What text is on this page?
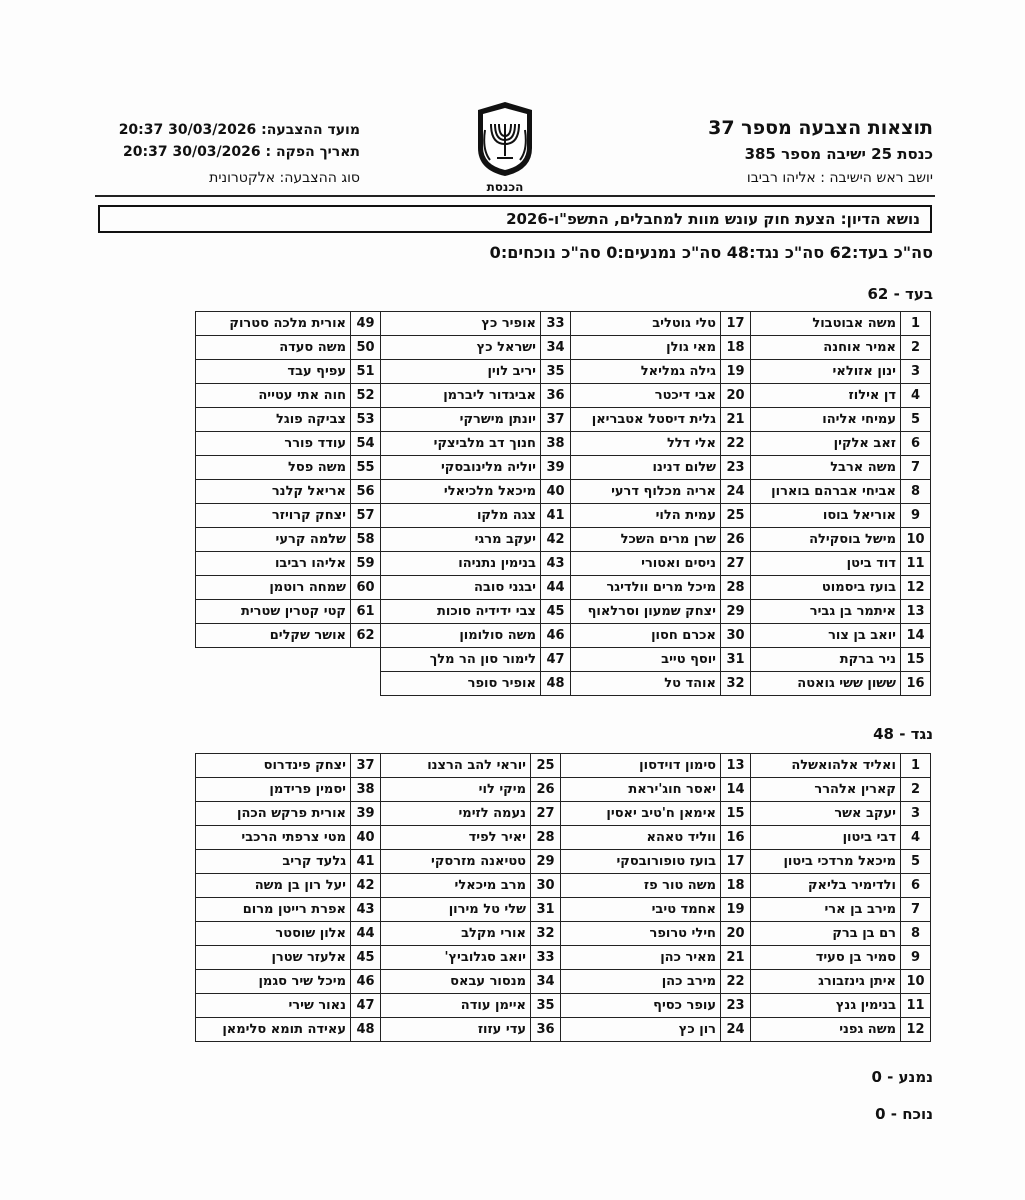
תוצאות הצבעה מספר 37
כנסת 25 ישיבה מספר 385
יושב ראש הישיבה : אליהו רביבו
הכנסת
מועד ההצבעה: 30/03/2026 20:37
תאריך הפקה : 30/03/2026 20:37
סוג ההצבעה: אלקטרונית
נושא הדיון: הצעת חוק עונש מוות למחבלים, התשפ"ו-2026
סה"כ בעד:62 סה"כ נגד:48 סה"כ נמנעים:0 סה"כ נוכחים:0
בעד - 62
1	משה אבוטבול	17	טלי גוטליב	33	אופיר כץ	49	אורית מלכה סטרוק
2	אמיר אוחנה	18	מאי גולן	34	ישראל כץ	50	משה סעדה
3	ינון אזולאי	19	גילה גמליאל	35	יריב לוין	51	עפיף עבד
4	דן אילוז	20	אבי דיכטר	36	אביגדור ליברמן	52	חוה אתי עטייה
5	עמיחי אליהו	21	גלית דיסטל אטבריאן	37	יונתן מישרקי	53	צביקה פוגל
6	זאב אלקין	22	אלי דלל	38	חנוך דב מלביצקי	54	עודד פורר
7	משה ארבל	23	שלום דנינו	39	יוליה מלינובסקי	55	משה פסל
8	אביחי אברהם בוארון	24	אריה מכלוף דרעי	40	מיכאל מלכיאלי	56	אריאל קלנר
9	אוריאל בוסו	25	עמית הלוי	41	צגה מלקו	57	יצחק קרויזר
10	מישל בוסקילה	26	שרן מרים השכל	42	יעקב מרגי	58	שלמה קרעי
11	דוד ביטן	27	ניסים ואטורי	43	בנימין נתניהו	59	אליהו רביבו
12	בועז ביסמוט	28	מיכל מרים וולדיגר	44	יבגני סובה	60	שמחה רוטמן
13	איתמר בן גביר	29	יצחק שמעון וסרלאוף	45	צבי ידידיה סוכות	61	קטי קטרין שטרית
14	יואב בן צור	30	אכרם חסון	46	משה סולומון	62	אושר שקלים
15	ניר ברקת	31	יוסף טייב	47	לימור סון הר מלך		
16	ששון ששי גואטה	32	אוהד טל	48	אופיר סופר		
נגד - 48
1	ואליד אלהואשלה	13	סימון דוידסון	25	יוראי להב הרצנו	37	יצחק פינדרוס
2	קארין אלהרר	14	יאסר חוג'יראת	26	מיקי לוי	38	יסמין פרידמן
3	יעקב אשר	15	אימאן ח'טיב יאסין	27	נעמה לזימי	39	אורית פרקש הכהן
4	דבי ביטון	16	ווליד טאהא	28	יאיר לפיד	40	מטי צרפתי הרכבי
5	מיכאל מרדכי ביטון	17	בועז טופורובסקי	29	טטיאנה מזרסקי	41	גלעד קריב
6	ולדימיר בליאק	18	משה טור פז	30	מרב מיכאלי	42	יעל רון בן משה
7	מירב בן ארי	19	אחמד טיבי	31	שלי טל מירון	43	אפרת רייטן מרום
8	רם בן ברק	20	חילי טרופר	32	אורי מקלב	44	אלון שוסטר
9	סמיר בן סעיד	21	מאיר כהן	33	יואב סגלוביץ'	45	אלעזר שטרן
10	איתן גינזבורג	22	מירב כהן	34	מנסור עבאס	46	מיכל שיר סגמן
11	בנימין גנץ	23	עופר כסיף	35	איימן עודה	47	נאור שירי
12	משה גפני	24	רון כץ	36	עדי עזוז	48	עאידה תומא סלימאן
נמנע - 0
נוכח - 0
